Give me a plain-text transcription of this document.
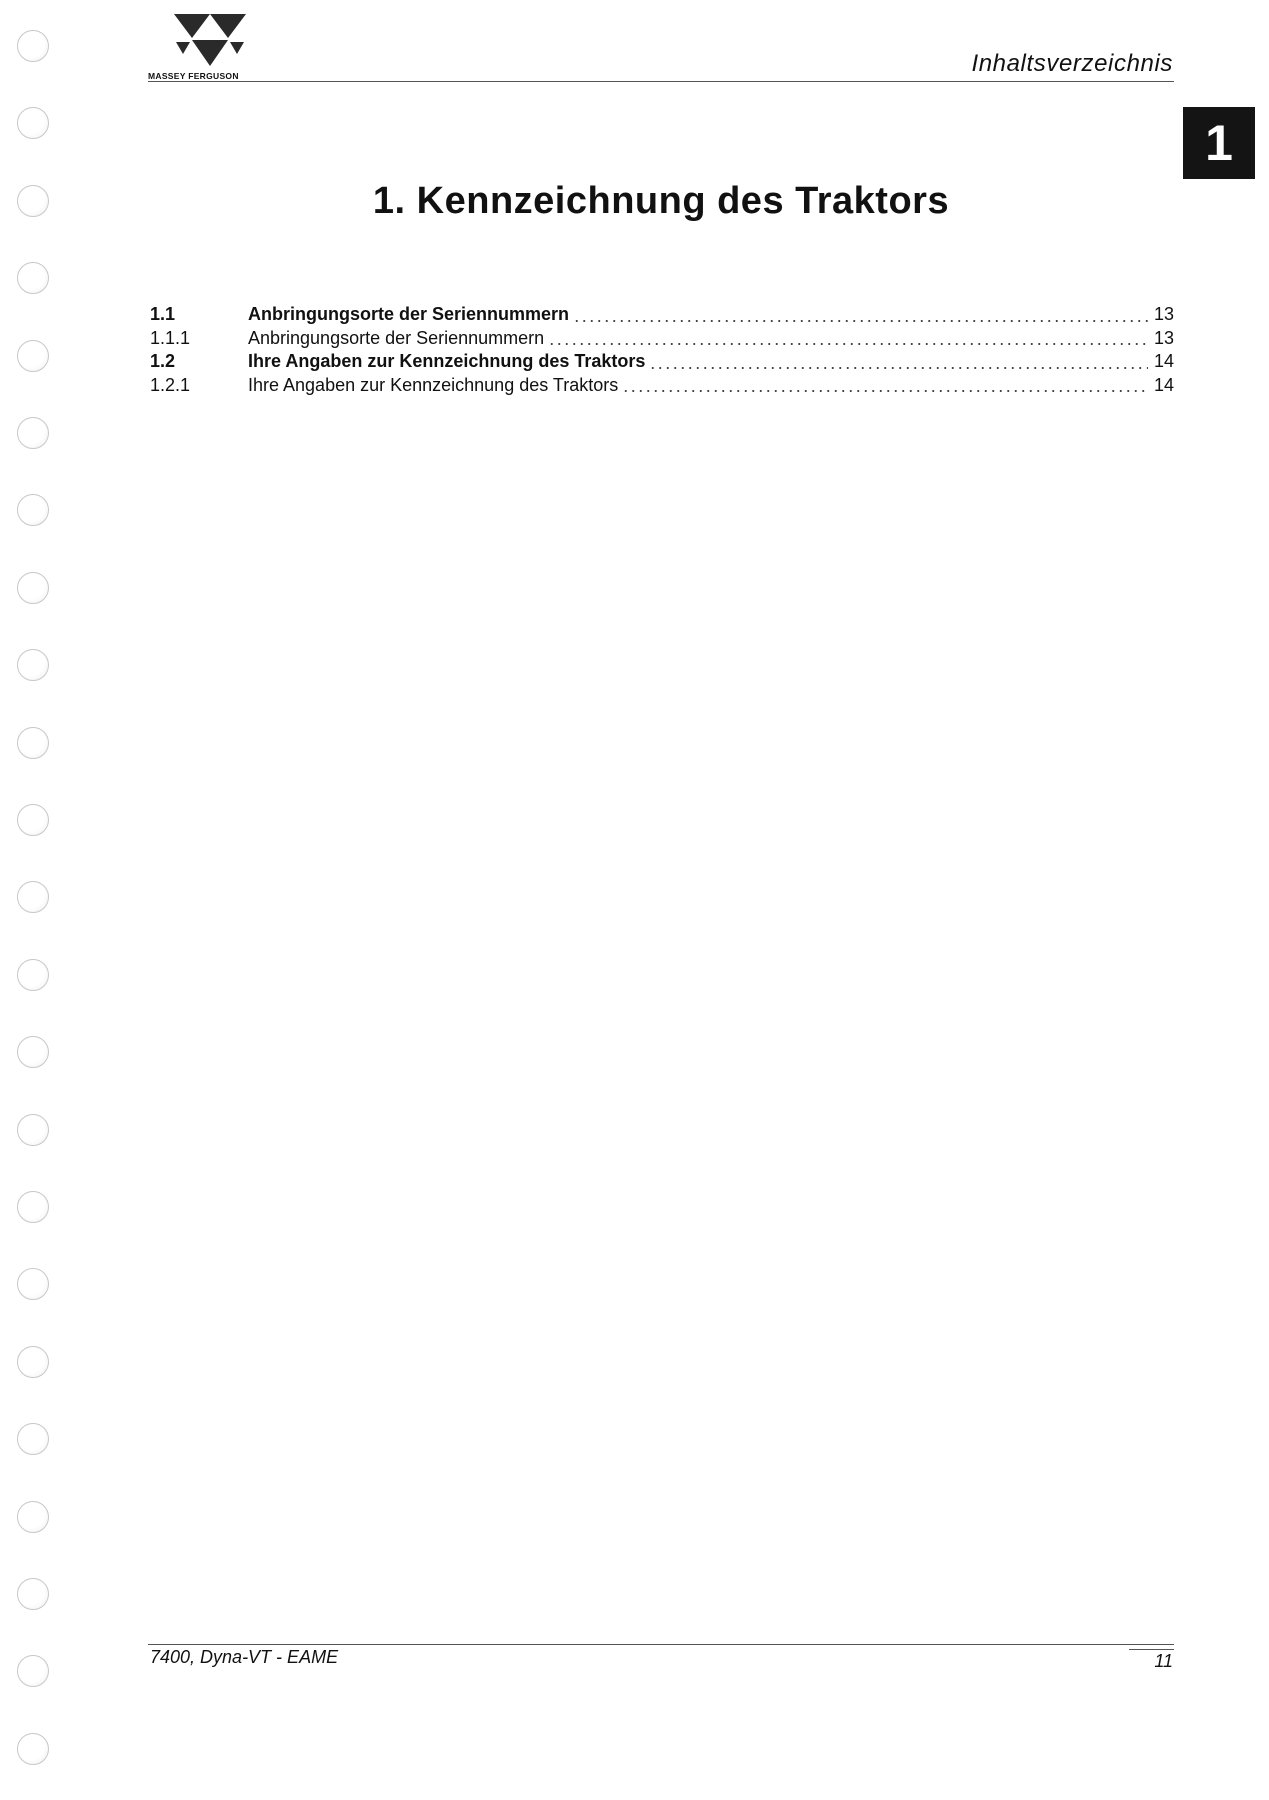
MASSEY FERGUSON	Inhaltsverzeichnis
1
1. Kennzeichnung des Traktors
1.1	Anbringungsorte der Seriennummern	13
1.1.1	Anbringungsorte der Seriennummern	13
1.2	Ihre Angaben zur Kennzeichnung des Traktors	14
1.2.1	Ihre Angaben zur Kennzeichnung des Traktors	14
7400, Dyna-VT - EAME	11
